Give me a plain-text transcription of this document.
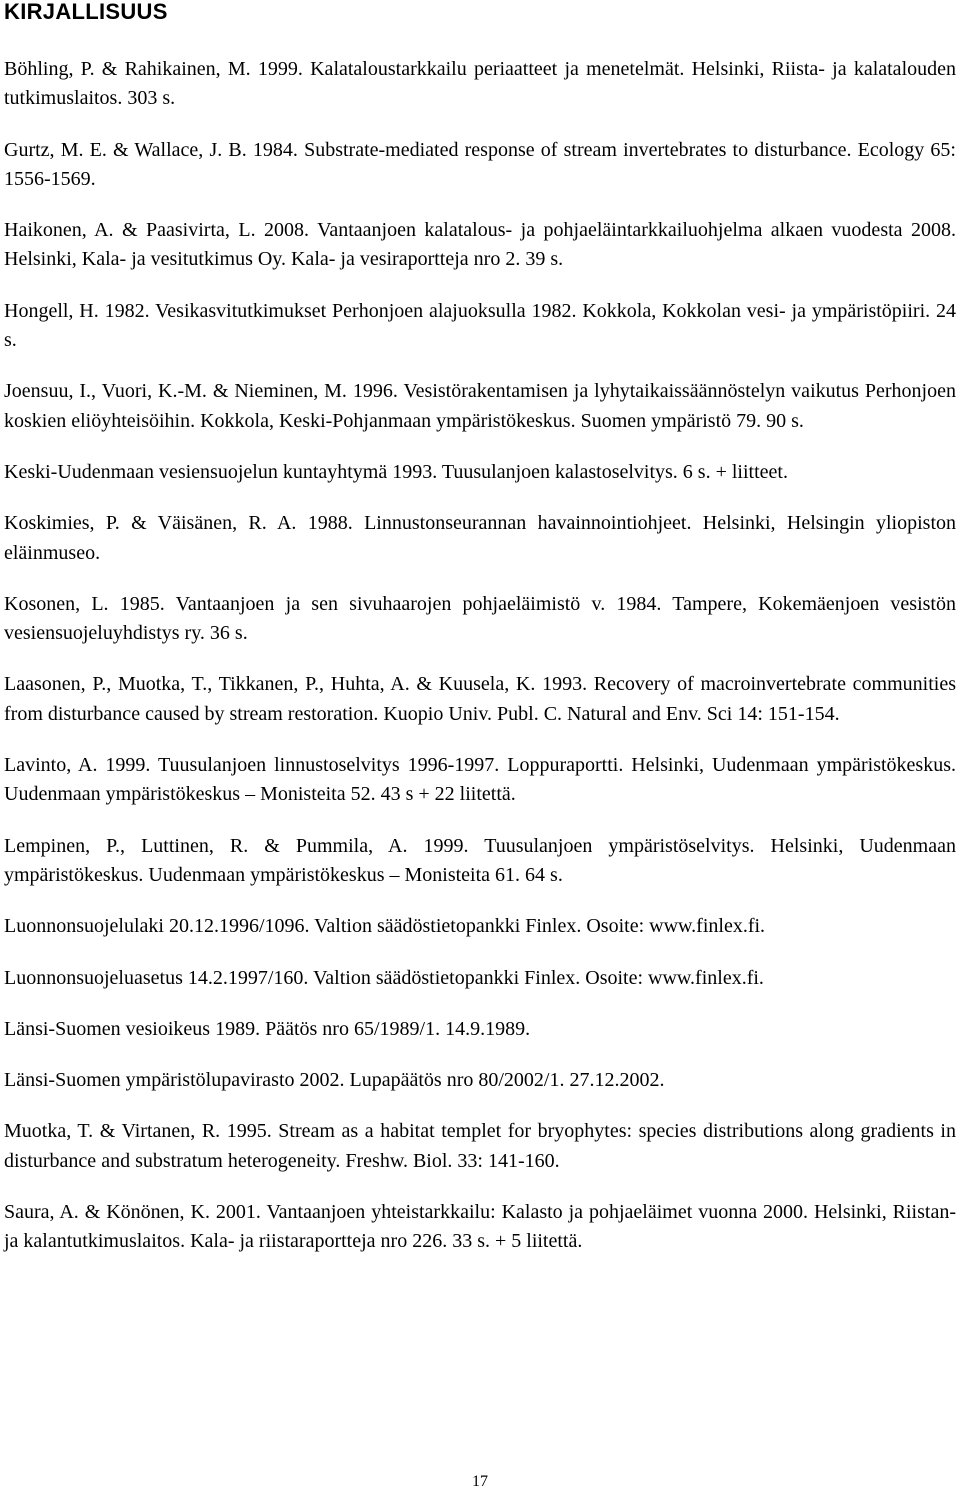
KIRJALLISUUS

Böhling, P. & Rahikainen, M. 1999. Kalataloustarkkailu periaatteet ja menetelmät. Helsinki, Riista- ja kalatalouden tutkimuslaitos. 303 s.

Gurtz, M. E. & Wallace, J. B. 1984. Substrate-mediated response of stream invertebrates to disturbance. Ecology 65: 1556-1569.

Haikonen, A. & Paasivirta, L. 2008. Vantaanjoen kalatalous- ja pohjaeläintarkkailuohjelma alkaen vuodesta 2008. Helsinki, Kala- ja vesitutkimus Oy. Kala- ja vesiraportteja nro 2. 39 s.

Hongell, H. 1982. Vesikasvitutkimukset Perhonjoen alajuoksulla 1982. Kokkola, Kokkolan vesi- ja ympäristöpiiri. 24 s.

Joensuu, I., Vuori, K.-M. & Nieminen, M. 1996. Vesistörakentamisen ja lyhytaikaissäännöstelyn vaikutus Perhonjoen koskien eliöyhteisöihin. Kokkola, Keski-Pohjanmaan ympäristökeskus. Suomen ympäristö 79. 90 s.

Keski-Uudenmaan vesiensuojelun kuntayhtymä 1993. Tuusulanjoen kalastoselvitys. 6 s. + liitteet.

Koskimies, P. & Väisänen, R. A. 1988. Linnustonseurannan havainnointiohjeet. Helsinki, Helsingin yliopiston eläinmuseo.

Kosonen, L. 1985. Vantaanjoen ja sen sivuhaarojen pohjaeläimistö v. 1984. Tampere, Kokemäenjoen vesistön vesiensuojeluyhdistys ry. 36 s.

Laasonen, P., Muotka, T., Tikkanen, P., Huhta, A. & Kuusela, K. 1993. Recovery of macroinvertebrate communities from disturbance caused by stream restoration. Kuopio Univ. Publ. C. Natural and Env. Sci 14: 151-154.

Lavinto, A. 1999. Tuusulanjoen linnustoselvitys 1996-1997. Loppuraportti. Helsinki, Uudenmaan ympäristökeskus. Uudenmaan ympäristökeskus – Monisteita 52. 43 s + 22 liitettä.

Lempinen, P., Luttinen, R. & Pummila, A. 1999. Tuusulanjoen ympäristöselvitys. Helsinki, Uudenmaan ympäristökeskus. Uudenmaan ympäristökeskus – Monisteita 61. 64 s.

Luonnonsuojelulaki 20.12.1996/1096. Valtion säädöstietopankki Finlex. Osoite: www.finlex.fi.

Luonnonsuojeluasetus 14.2.1997/160. Valtion säädöstietopankki Finlex. Osoite: www.finlex.fi.

Länsi-Suomen vesioikeus 1989. Päätös nro 65/1989/1. 14.9.1989.

Länsi-Suomen ympäristölupavirasto 2002. Lupapäätös nro 80/2002/1. 27.12.2002.

Muotka, T. & Virtanen, R. 1995. Stream as a habitat templet for bryophytes: species distributions along gradients in disturbance and substratum heterogeneity. Freshw. Biol. 33: 141-160.

Saura, A. & Könönen, K. 2001. Vantaanjoen yhteistarkkailu: Kalasto ja pohjaeläimet vuonna 2000. Helsinki, Riistan- ja kalantutkimuslaitos. Kala- ja riistaraportteja nro 226. 33 s. + 5 liitettä.

17
